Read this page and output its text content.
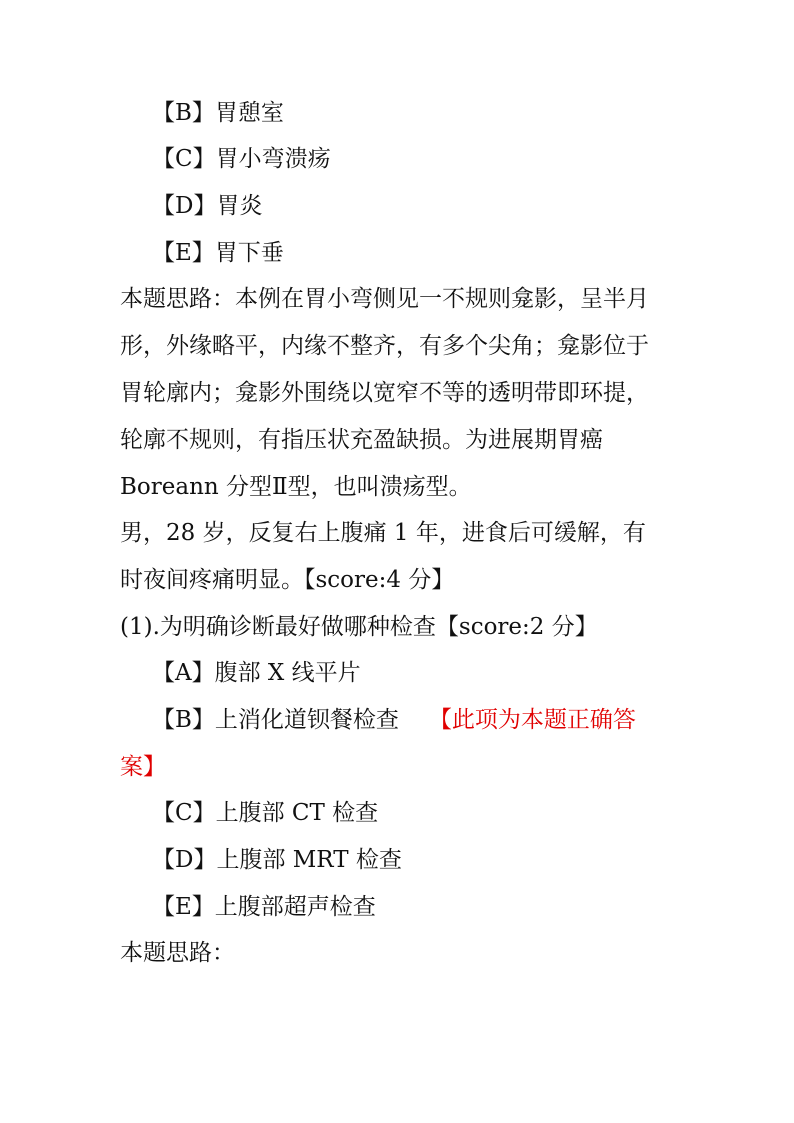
【B】胃憩室
【C】胃小弯溃疡
【D】胃炎
【E】胃下垂
本题思路：本例在胃小弯侧见一不规则龛影，呈半月
形，外缘略平，内缘不整齐，有多个尖角；龛影位于
胃轮廓内；龛影外围绕以宽窄不等的透明带即环提，
轮廓不规则，有指压状充盈缺损。为进展期胃癌
Boreann 分型Ⅱ型，也叫溃疡型。
男，28 岁，反复右上腹痛 1 年，进食后可缓解，有
时夜间疼痛明显。【score:4 分】
(1).为明确诊断最好做哪种检查【score:2 分】
【A】腹部 X 线平片
【B】上消化道钡餐检查 【此项为本题正确答
案】
【C】上腹部 CT 检查
【D】上腹部 MRT 检查
【E】上腹部超声检查
本题思路：
